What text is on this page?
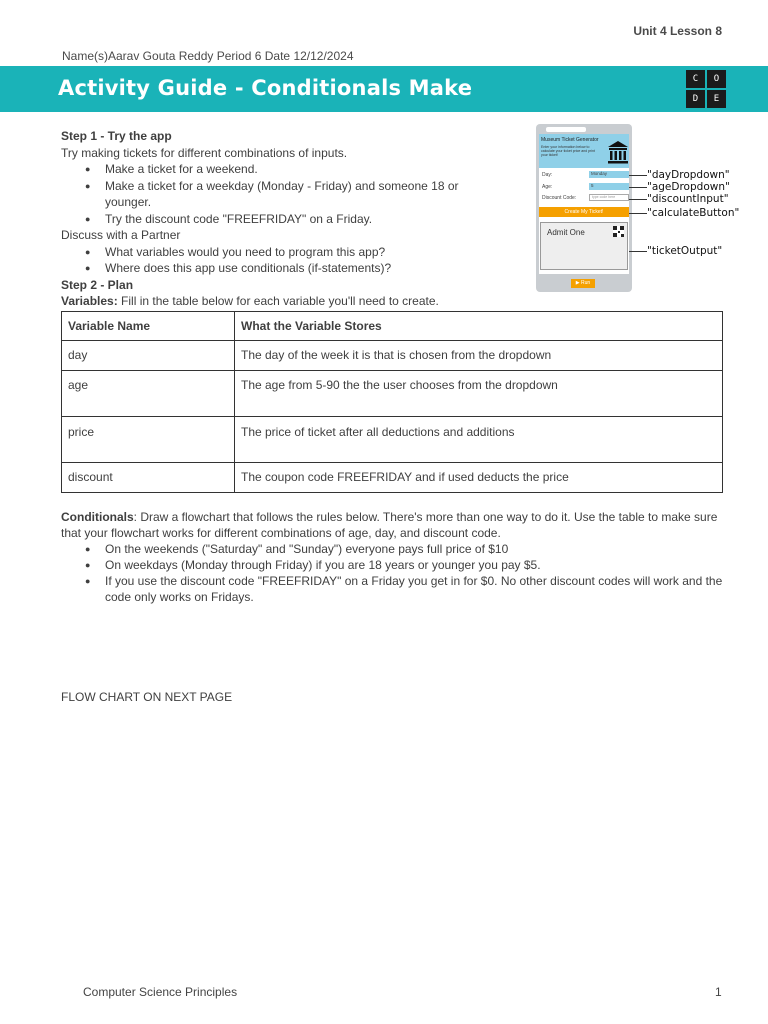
Unit 4 Lesson 8
Name(s)Aarav Gouta Reddy Period 6 Date 12/12/2024
Activity Guide - Conditionals Make	C	O
D	E
Step 1 - Try the app
Try making tickets for different combinations of inputs.
● Make a ticket for a weekend.
● Make a ticket for a weekday (Monday - Friday) and someone 18 or younger.
● Try the discount code "FREEFRIDAY" on a Friday.
Discuss with a Partner
● What variables would you need to program this app?
● Where does this app use conditionals (if-statements)?
Step 2 - Plan
Variables: Fill in the table below for each variable you'll need to create.
Variable Name	What the Variable Stores
day	The day of the week it is that is chosen from the dropdown
age	The age from 5-90 the the user chooses from the dropdown
price	The price of ticket after all deductions and additions
discount	The coupon code FREEFRIDAY and if used deducts the price
Conditionals: Draw a flowchart that follows the rules below. There's more than one way to do it. Use the table to make sure that your flowchart works for different combinations of age, day, and discount code.
● On the weekends ("Saturday" and "Sunday") everyone pays full price of $10
● On weekdays (Monday through Friday) if you are 18 years or younger you pay $5.
● If you use the discount code "FREEFRIDAY" on a Friday you get in for $0. No other discount codes will work and the code only works on Fridays.
FLOW CHART ON NEXT PAGE
Computer Science Principles	1
Museum Ticket Generator
Enter your information below to calculate your ticket price and print your ticket!
Day:	Monday
Age:	5
Discount Code:	type code here
Create My Ticket!
Admit One
▶ Run
"dayDropdown"
"ageDropdown"
"discountInput"
"calculateButton"
"ticketOutput"
